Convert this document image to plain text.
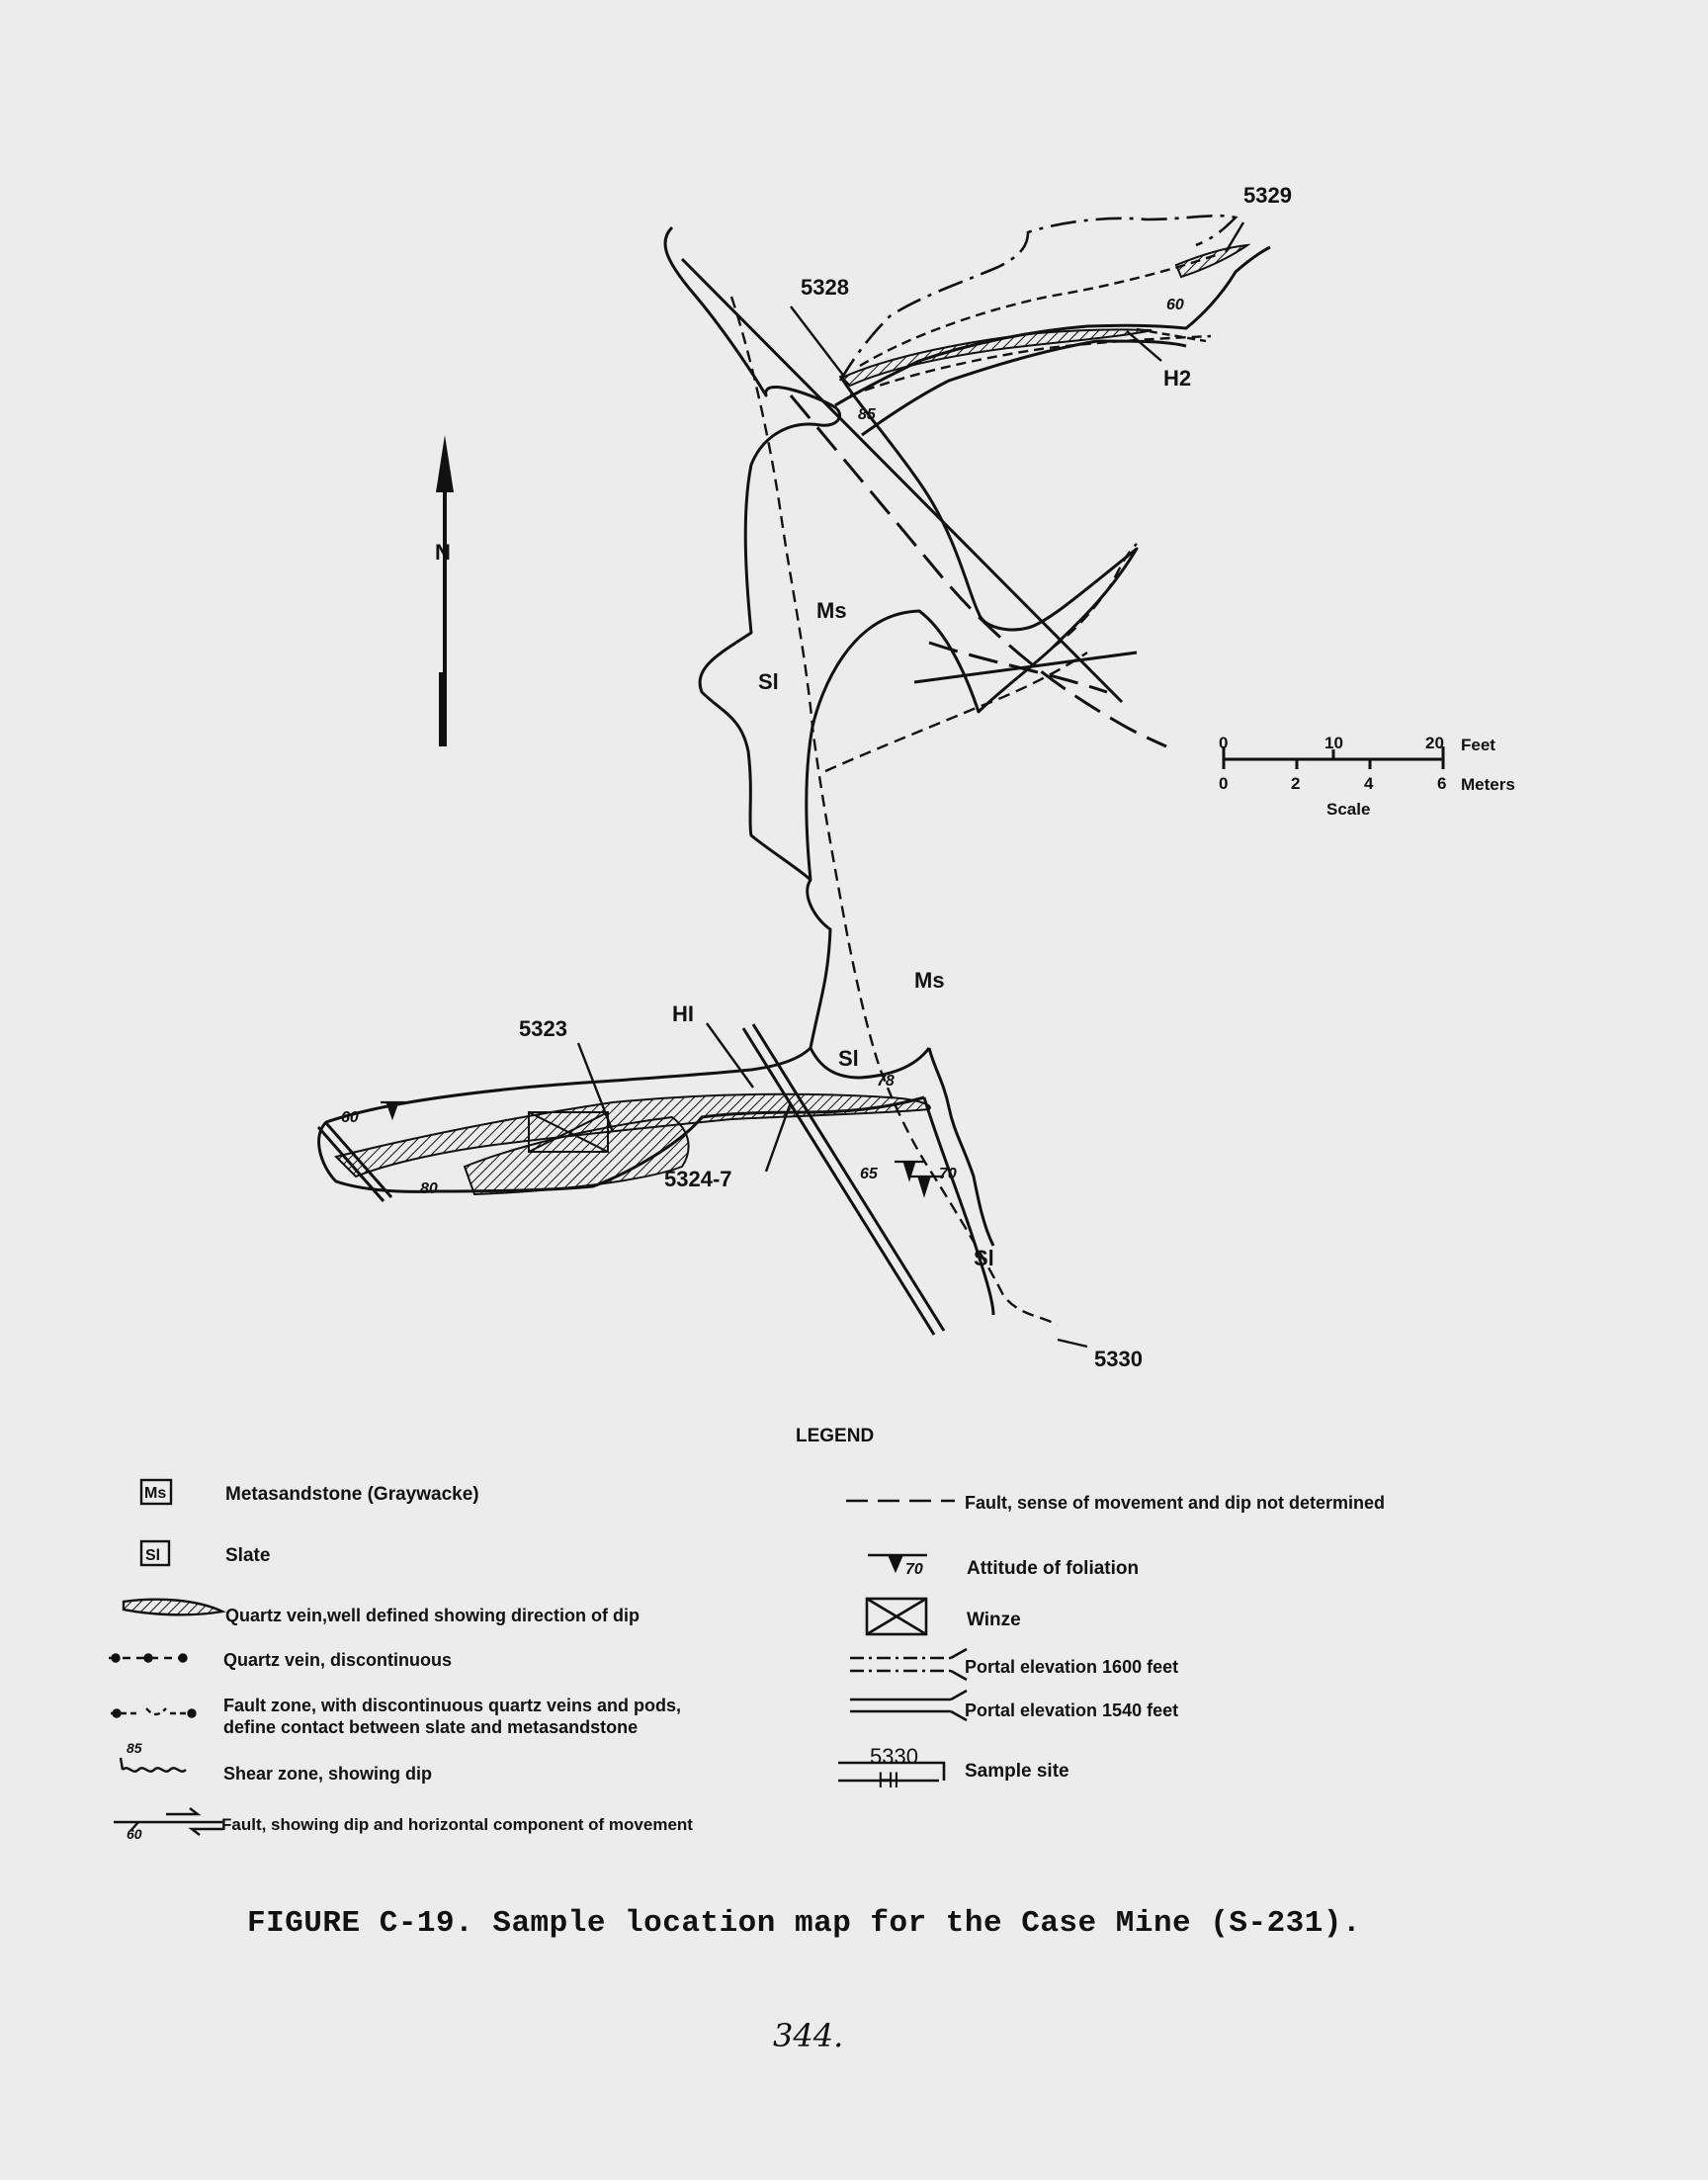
N
5329
5328
H2
5323
HI
5324-7
5330
Ms
Sl
Ms
Sl
Sl
60
85
78
65	70
60
80
0	10	20 Feet
0	2	4	6 Meters
Scale
LEGEND
Ms
Sl
85
60
Metasandstone (Graywacke)
Slate
Quartz vein,well defined showing direction of dip
Quartz vein, discontinuous
Fault zone, with discontinuous quartz veins and pods,
define contact between slate and metasandstone
Shear zone, showing dip
Fault, showing dip and horizontal component of movement
70
5330
HI
Fault, sense of movement and dip not determined
Attitude of foliation
Winze
Portal elevation 1600 feet
Portal elevation 1540 feet
Sample site
FIGURE C-19. Sample location map for the Case Mine (S-231).
344.
